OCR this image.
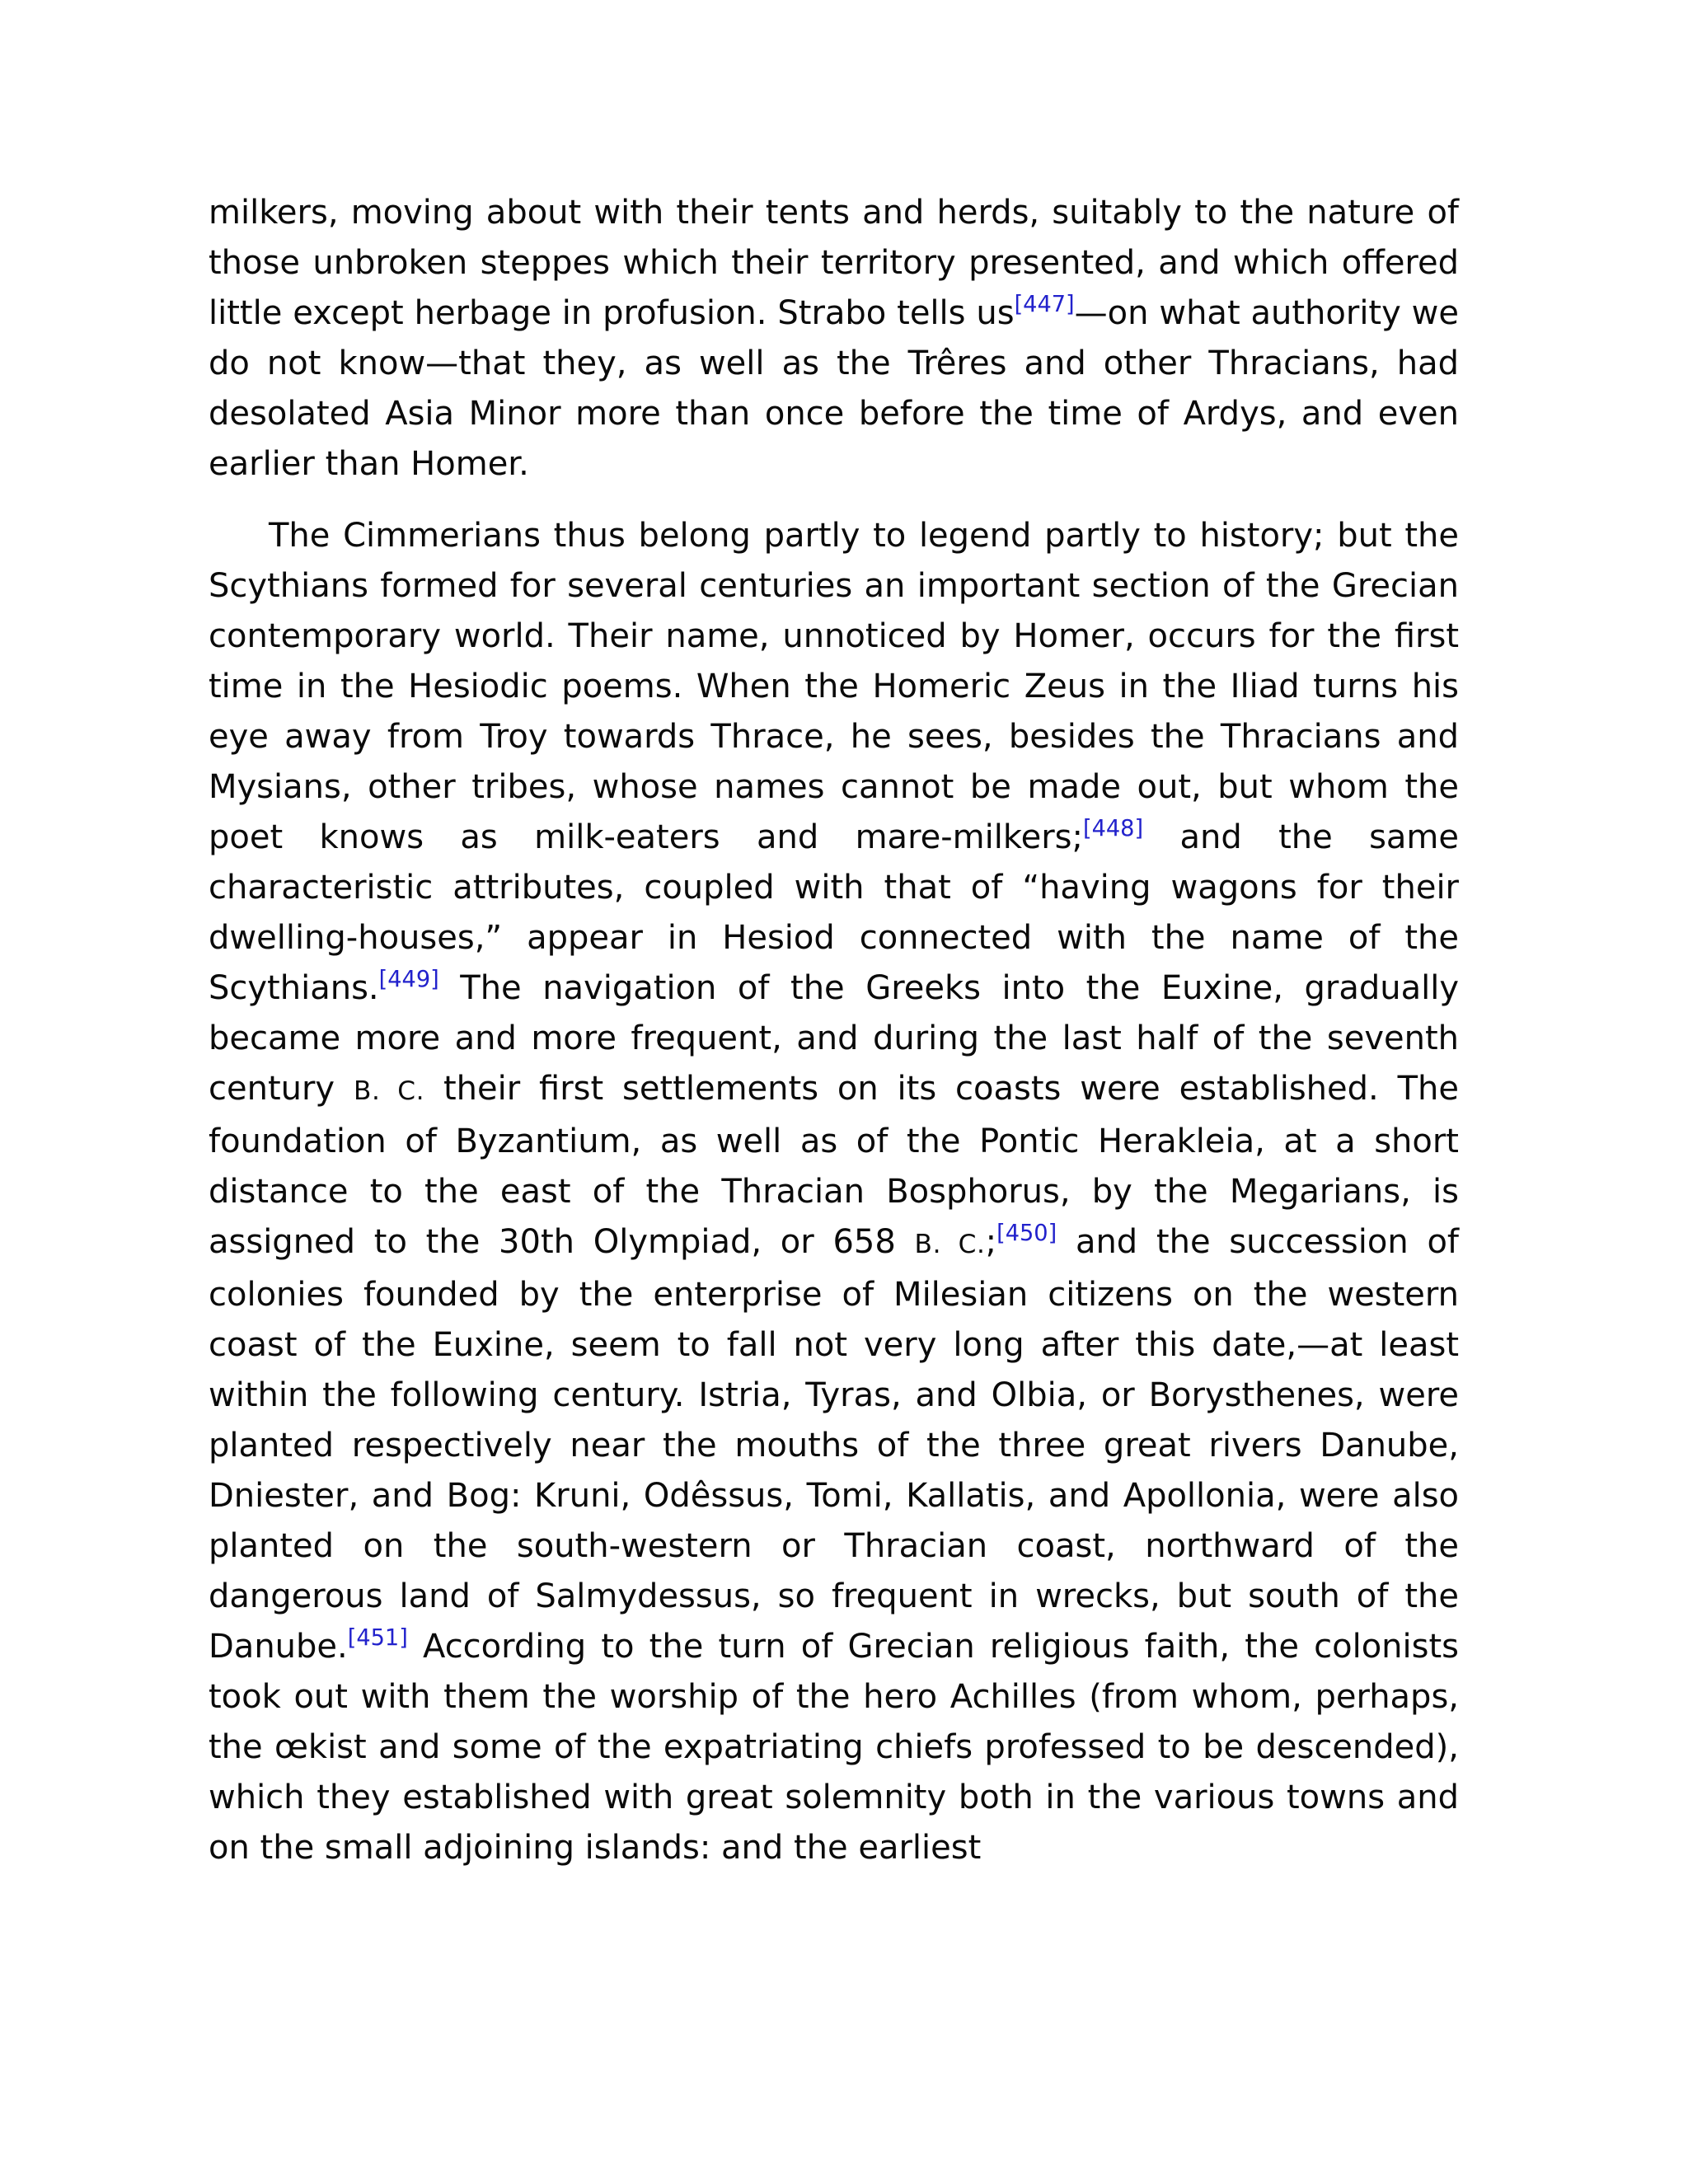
milkers, moving about with their tents and herds, suitably to the nature of those unbroken steppes which their territory presented, and which offered little except herbage in profusion. Strabo tells us[447]—on what authority we do not know—that they, as well as the Trêres and other Thracians, had desolated Asia Minor more than once before the time of Ardys, and even earlier than Homer.

The Cimmerians thus belong partly to legend partly to history; but the Scythians formed for several centuries an important section of the Grecian contemporary world. Their name, unnoticed by Homer, occurs for the first time in the Hesiodic poems. When the Homeric Zeus in the Iliad turns his eye away from Troy towards Thrace, he sees, besides the Thracians and Mysians, other tribes, whose names cannot be made out, but whom the poet knows as milk-eaters and mare-milkers;[448] and the same characteristic attributes, coupled with that of “having wagons for their dwelling-houses,” appear in Hesiod connected with the name of the Scythians.[449] The navigation of the Greeks into the Euxine, gradually became more and more frequent, and during the last half of the seventh century B. C. their first settlements on its coasts were established. The foundation of Byzantium, as well as of the Pontic Herakleia, at a short distance to the east of the Thracian Bosphorus, by the Megarians, is assigned to the 30th Olympiad, or 658 B. C.;[450] and the succession of colonies founded by the enterprise of Milesian citizens on the western coast of the Euxine, seem to fall not very long after this date,—at least within the following century. Istria, Tyras, and Olbia, or Borysthenes, were planted respectively near the mouths of the three great rivers Danube, Dniester, and Bog: Kruni, Odêssus, Tomi, Kallatis, and Apollonia, were also planted on the south-western or Thracian coast, northward of the dangerous land of Salmydessus, so frequent in wrecks, but south of the Danube.[451] According to the turn of Grecian religious faith, the colonists took out with them the worship of the hero Achilles (from whom, perhaps, the œkist and some of the expatriating chiefs professed to be descended), which they established with great solemnity both in the various towns and on the small adjoining islands: and the earliest
